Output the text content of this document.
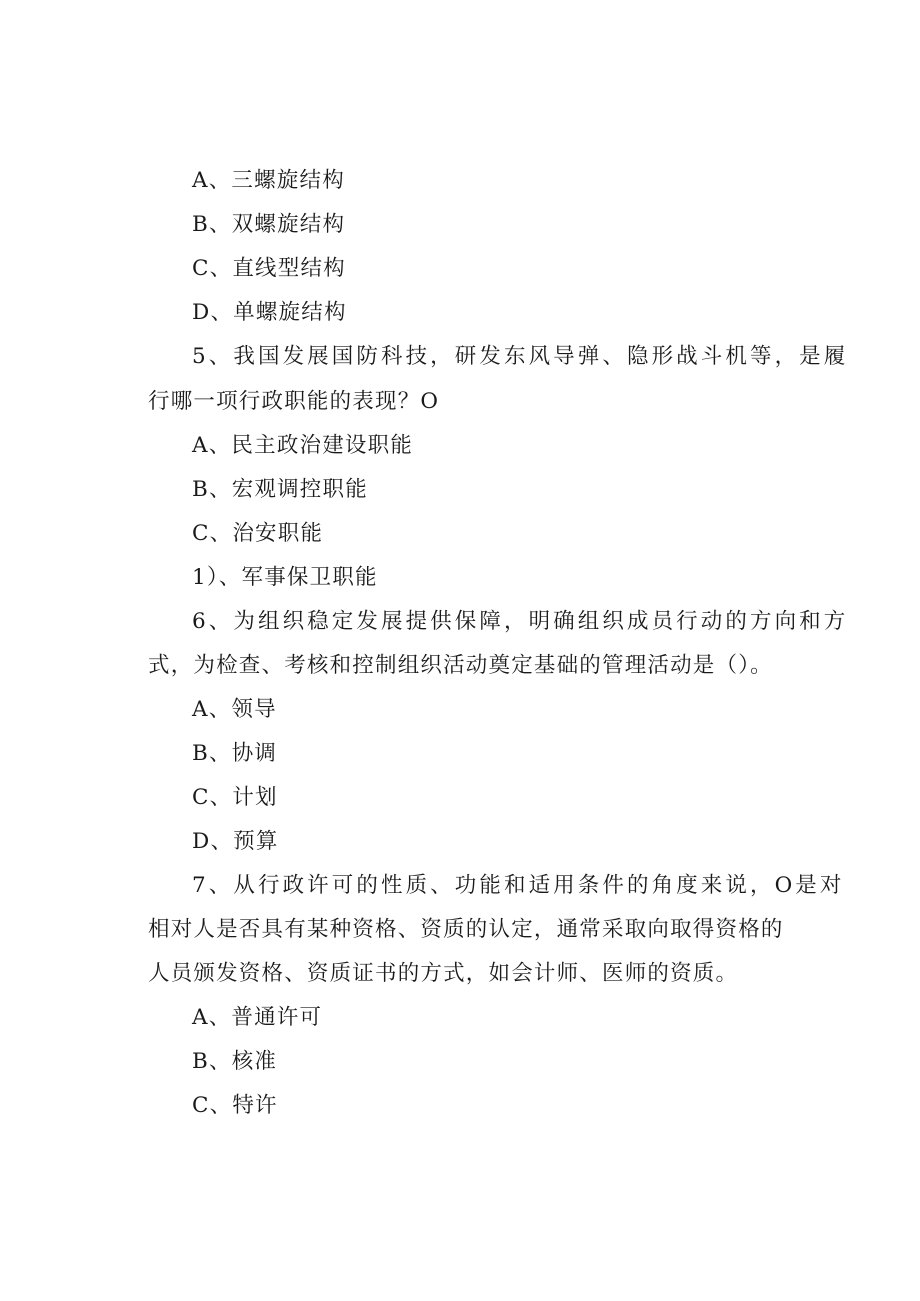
A、三螺旋结构
B、双螺旋结构
C、直线型结构
D、单螺旋结构
5、我国发展国防科技，研发东风导弹、隐形战斗机等，是履
行哪一项行政职能的表现？O
A、民主政治建设职能
B、宏观调控职能
C、治安职能
1）、军事保卫职能
6、为组织稳定发展提供保障，明确组织成员行动的方向和方
式，为检查、考核和控制组织活动奠定基础的管理活动是（）。
A、领导
B、协调
C、计划
D、预算
7、从行政许可的性质、功能和适用条件的角度来说，O是对
相对人是否具有某种资格、资质的认定，通常采取向取得资格的
人员颁发资格、资质证书的方式，如会计师、医师的资质。
A、普通许可
B、核准
C、特许
